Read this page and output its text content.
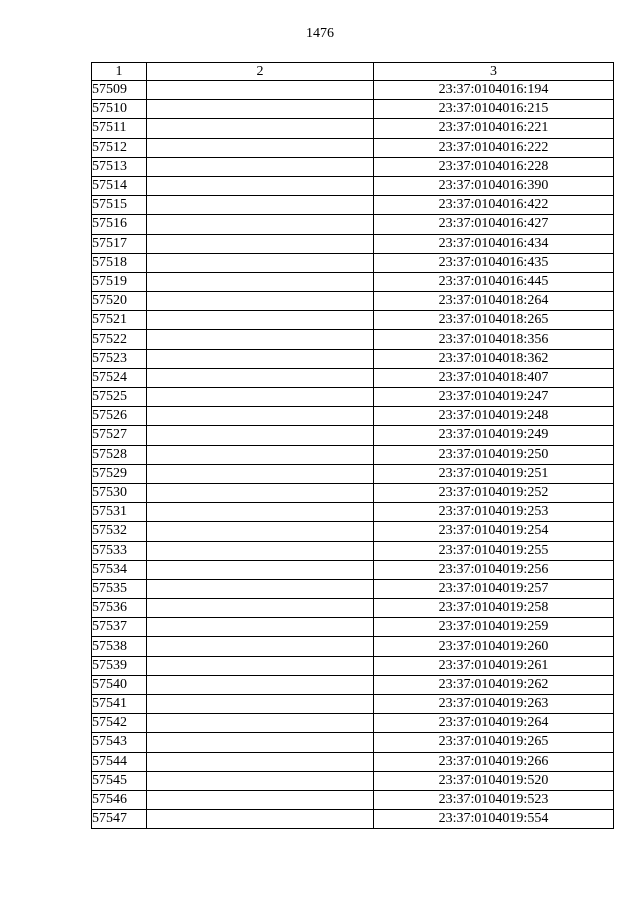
1476
1	2	3
57509		23:37:0104016:194
57510		23:37:0104016:215
57511		23:37:0104016:221
57512		23:37:0104016:222
57513		23:37:0104016:228
57514		23:37:0104016:390
57515		23:37:0104016:422
57516		23:37:0104016:427
57517		23:37:0104016:434
57518		23:37:0104016:435
57519		23:37:0104016:445
57520		23:37:0104018:264
57521		23:37:0104018:265
57522		23:37:0104018:356
57523		23:37:0104018:362
57524		23:37:0104018:407
57525		23:37:0104019:247
57526		23:37:0104019:248
57527		23:37:0104019:249
57528		23:37:0104019:250
57529		23:37:0104019:251
57530		23:37:0104019:252
57531		23:37:0104019:253
57532		23:37:0104019:254
57533		23:37:0104019:255
57534		23:37:0104019:256
57535		23:37:0104019:257
57536		23:37:0104019:258
57537		23:37:0104019:259
57538		23:37:0104019:260
57539		23:37:0104019:261
57540		23:37:0104019:262
57541		23:37:0104019:263
57542		23:37:0104019:264
57543		23:37:0104019:265
57544		23:37:0104019:266
57545		23:37:0104019:520
57546		23:37:0104019:523
57547		23:37:0104019:554
